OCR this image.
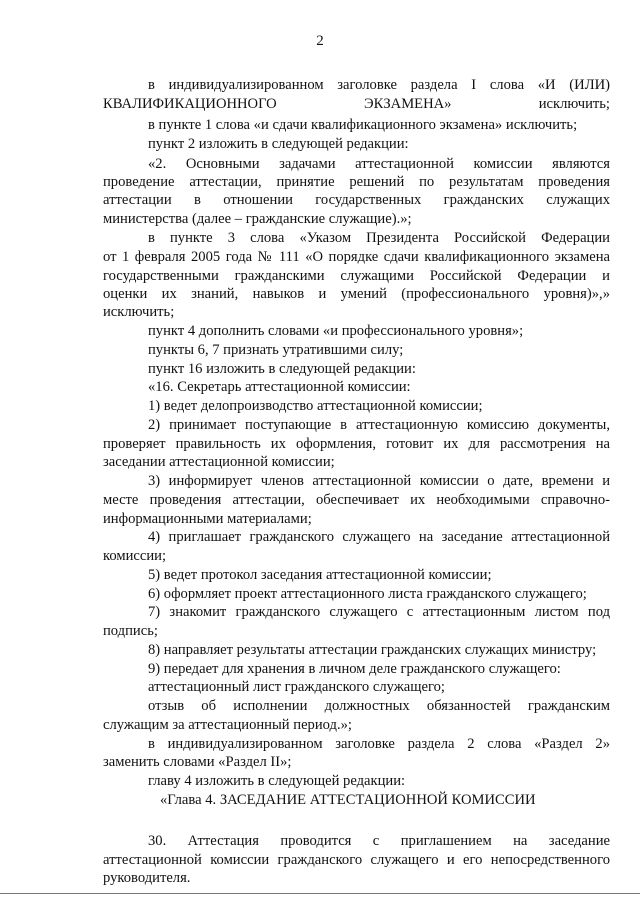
2
в индивидуализированном заголовке раздела I слова «И (ИЛИ)
КВАЛИФИКАЦИОННОГО ЭКЗАМЕНА» исключить;
в пункте 1 слова «и сдачи квалификационного экзамена» исключить;
пункт 2 изложить в следующей редакции:
«2. Основными задачами аттестационной комиссии являются
проведение аттестации, принятие решений по результатам проведения
аттестации в отношении государственных гражданских служащих
министерства (далее – гражданские служащие).»;
в пункте 3 слова «Указом Президента Российской Федерации
от 1 февраля 2005 года № 111 «О порядке сдачи квалификационного экзамена
государственными гражданскими служащими Российской Федерации и
оценки их знаний, навыков и умений (профессионального уровня)»,»
исключить;
пункт 4 дополнить словами «и профессионального уровня»;
пункты 6, 7 признать утратившими силу;
пункт 16 изложить в следующей редакции:
«16. Секретарь аттестационной комиссии:
1) ведет делопроизводство аттестационной комиссии;
2) принимает поступающие в аттестационную комиссию документы,
проверяет правильность их оформления, готовит их для рассмотрения на
заседании аттестационной комиссии;
3) информирует членов аттестационной комиссии о дате, времени и
месте проведения аттестации, обеспечивает их необходимыми справочно-
информационными материалами;
4) приглашает гражданского служащего на заседание аттестационной
комиссии;
5) ведет протокол заседания аттестационной комиссии;
6) оформляет проект аттестационного листа гражданского служащего;
7) знакомит гражданского служащего с аттестационным листом под
подпись;
8) направляет результаты аттестации гражданских служащих министру;
9) передает для хранения в личном деле гражданского служащего:
аттестационный лист гражданского служащего;
отзыв об исполнении должностных обязанностей гражданским
служащим за аттестационный период.»;
в индивидуализированном заголовке раздела 2 слова «Раздел 2»
заменить словами «Раздел II»;
главу 4 изложить в следующей редакции:
«Глава 4. ЗАСЕДАНИЕ АТТЕСТАЦИОННОЙ КОМИССИИ
30. Аттестация проводится с приглашением на заседание
аттестационной комиссии гражданского служащего и его непосредственного
руководителя.
